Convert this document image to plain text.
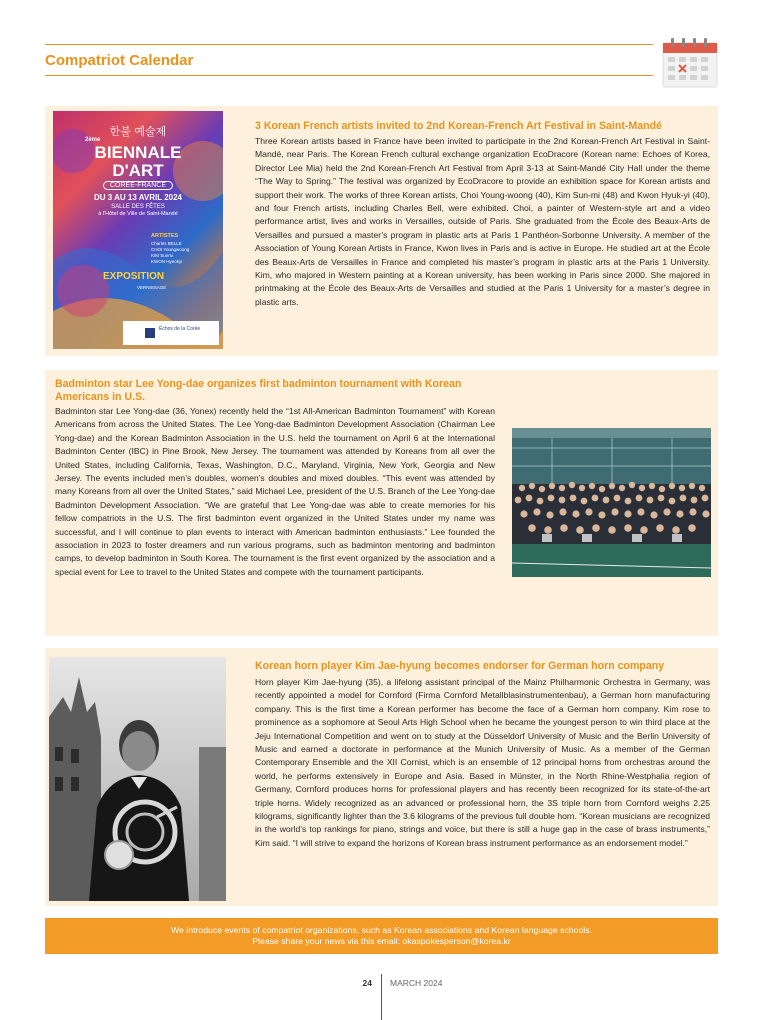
Compatriot Calendar
한불 예술제
2ème
BIENNALE
D'ART
CORÉE-FRANCE
DU 3 AU 13 AVRIL 2024
SALLE DES FÊTES
à l'Hôtel de Ville de Saint-Mandé
ARTISTES
Charles BELLE
CHOI Youngwoong
KIM Sunmi
KWON Hyeokyi
EXPOSITION
VERNISSAGE
Échos de la Corée
3 Korean French artists invited to 2nd Korean-French Art Festival in Saint-Mandé
Three Korean artists based in France have been invited to participate in the 2nd Korean-French Art Festival in Saint-Mandé, near Paris. The Korean French cultural exchange organization EcoDracore (Korean name: Echoes of Korea, Director Lee Mia) held the 2nd Korean-French Art Festival from April 3-13 at Saint-Mandé City Hall under the theme “The Way to Spring.” The festival was organized by EcoDracore to provide an exhibition space for Korean artists and support their work. The works of three Korean artists, Choi Young-woong (40), Kim Sun-mi (48) and Kwon Hyuk-yi (40), and four French artists, including Charles Bell, were exhibited. Choi, a painter of Western-style art and a video performance artist, lives and works in Versailles, outside of Paris. She graduated from the École des Beaux-Arts de Versailles and pursued a master’s program in plastic arts at Paris 1 Panthéon-Sorbonne University. A member of the Association of Young Korean Artists in France, Kwon lives in Paris and is active in Europe. He studied art at the École des Beaux-Arts de Versailles in France and completed his master’s program in plastic arts at the Paris 1 University. Kim, who majored in Western painting at a Korean university, has been working in Paris since 2000. She majored in printmaking at the École des Beaux-Arts de Versailles and studied at the Paris 1 University for a master’s degree in plastic arts.
Badminton star Lee Yong-dae organizes first badminton tournament with Korean Americans in U.S.
Badminton star Lee Yong-dae (36, Yonex) recently held the “1st All-American Badminton Tournament” with Korean Americans from across the United States. The Lee Yong-dae Badminton Development Association (Chairman Lee Yong-dae) and the Korean Badminton Association in the U.S. held the tournament on April 6 at the International Badminton Center (IBC) in Pine Brook, New Jersey. The tournament was attended by Koreans from all over the United States, including California, Texas, Washington, D.C., Maryland, Virginia, New York, Georgia and New Jersey. The events included men’s doubles, women’s doubles and mixed doubles. “This event was attended by many Koreans from all over the United States,” said Michael Lee, president of the U.S. Branch of the Lee Yong-dae Badminton Development Association. “We are grateful that Lee Yong-dae was able to create memories for his fellow compatriots in the U.S. The first badminton event organized in the United States under my name was successful, and I will continue to plan events to interact with American badminton enthusiasts.” Lee founded the association in 2023 to foster dreamers and run various programs, such as badminton mentoring and badminton camps, to develop badminton in South Korea. The tournament is the first event organized by the association and a special event for Lee to travel to the United States and compete with the tournament participants.
Korean horn player Kim Jae-hyung becomes endorser for German horn company
Horn player Kim Jae-hyung (35), a lifelong assistant principal of the Mainz Philharmonic Orchestra in Germany, was recently appointed a model for Cornford (Firma Cornford Metallblasinstrumentenbau), a German horn manufacturing company. This is the first time a Korean performer has become the face of a German horn company. Kim rose to prominence as a sophomore at Seoul Arts High School when he became the youngest person to win third place at the Jeju International Competition and went on to study at the Düsseldorf University of Music and the Berlin University of Music and earned a doctorate in performance at the Munich University of Music. As a member of the German Contemporary Ensemble and the XII Cornist, which is an ensemble of 12 principal horns from orchestras around the world, he performs extensively in Europe and Asia. Based in Münster, in the North Rhine-Westphalia region of Germany, Cornford produces horns for professional players and has recently been recognized for its state-of-the-art triple horns. Widely recognized as an advanced or professional horn, the 3S triple horn from Cornford weighs 2.25 kilograms, significantly lighter than the 3.6 kilograms of the previous full double horn. “Korean musicians are recognized in the world’s top rankings for piano, strings and voice, but there is still a huge gap in the case of brass instruments,” Kim said. “I will strive to expand the horizons of Korean brass instrument performance as an endorsement model.”
We introduce events of compatriot organizations, such as Korean associations and Korean language schools.
Please share your news via this email: okaspokesperson@korea.kr
24 MARCH 2024
